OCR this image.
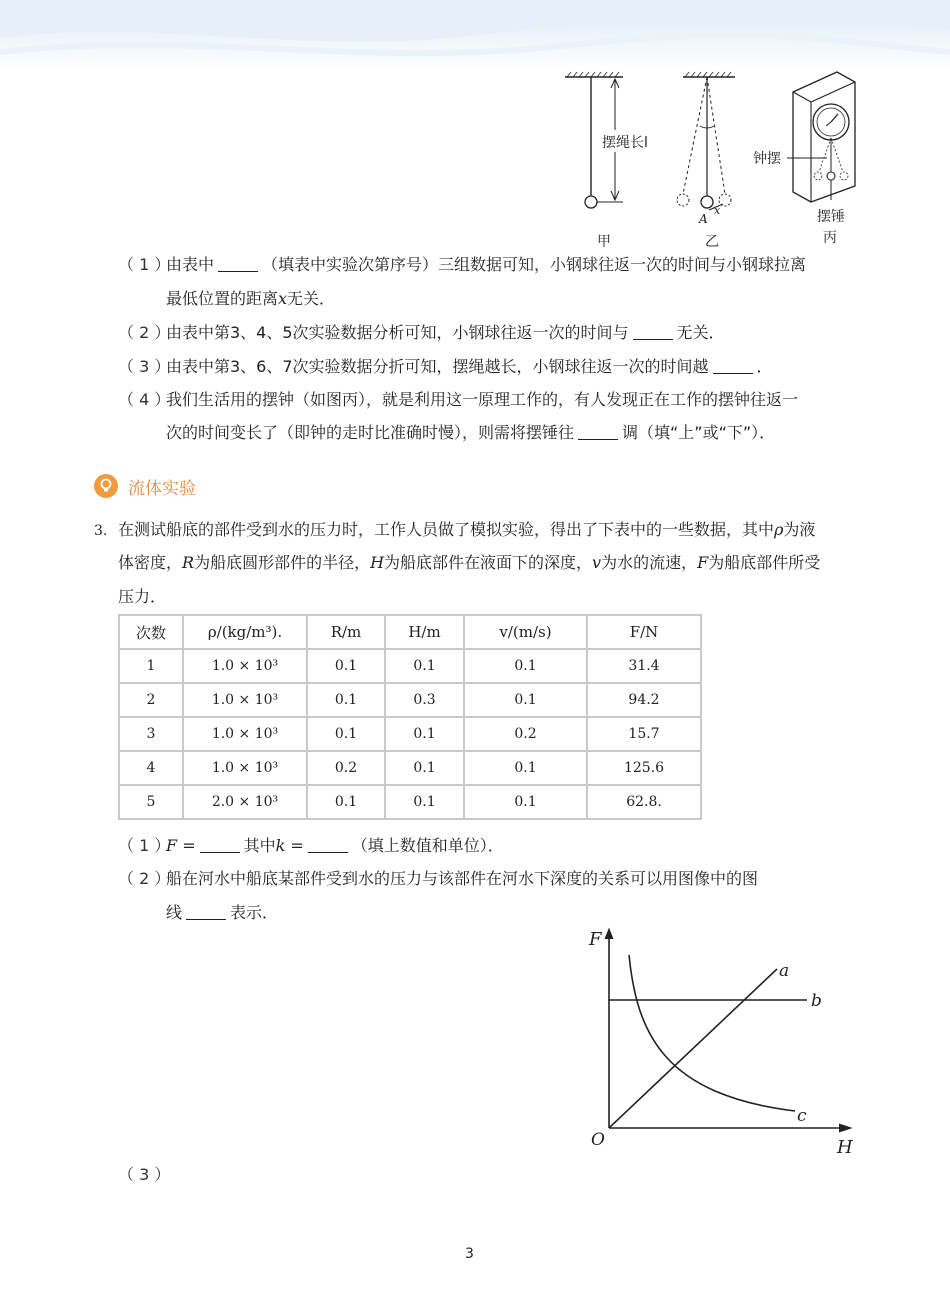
摆绳长l
甲
A
x
乙
钟摆
摆锤
丙
（ 1 ）由表中	（填表中实验次第序号）三组数据可知，小钢球往返一次的时间与小钢球拉离
最低位置的距离x无关．
（ 2 ）由表中第3、4、5次实验数据分析可知，小钢球往返一次的时间与	无关．
（ 3 ）由表中第3、6、7次实验数据分折可知，摆绳越长，小钢球往返一次的时间越	．
（ 4 ）我们生活用的摆钟（如图丙），就是利用这一原理工作的，有人发现正在工作的摆钟往返一
次的时间变长了（即钟的走时比准确时慢），则需将摆锤往	调（填“上”或“下”）．
流体实验
3. 在测试船底的部件受到水的压力时，工作人员做了模拟实验，得出了下表中的一些数据，其中ρ为液
体密度，R为船底圆形部件的半径，H为船底部件在液面下的深度，v为水的流速，F为船底部件所受
压力．
次数	ρ/(kg/m³).	R/m	H/m	v/(m/s)	F/N
1	1.0 × 10³	0.1	0.1	0.1	31.4
2	1.0 × 10³	0.1	0.3	0.1	94.2
3	1.0 × 10³	0.1	0.1	0.2	15.7
4	1.0 × 10³	0.2	0.1	0.1	125.6
5	2.0 × 10³	0.1	0.1	0.1	62.8.
（ 1 ）F =	其中k =	（填上数值和单位）．
（ 2 ）船在河水中船底某部件受到水的压力与该部件在河水下深度的关系可以用图像中的图
线	表示．
（ 3 ）
F
H
O
a
b
c
3
